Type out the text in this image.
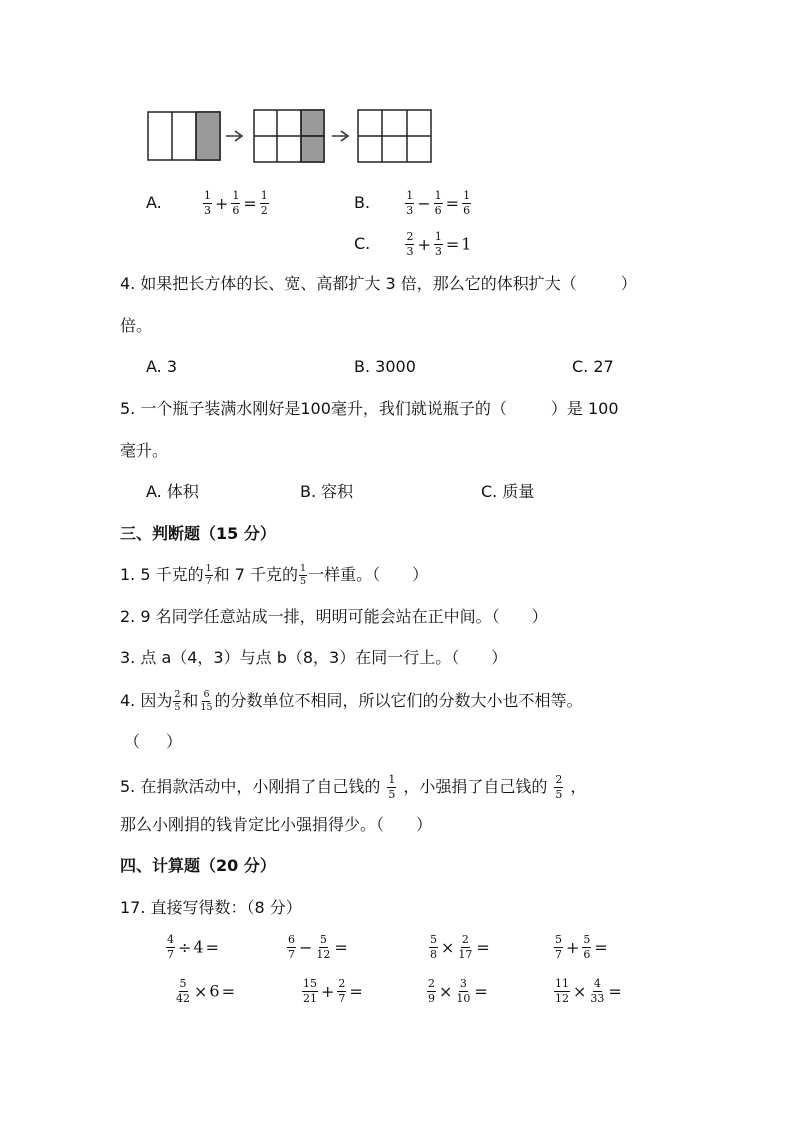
A.	$\frac{1}{3} + \frac{1}{6} = \frac{1}{2}$	B.	$\frac{1}{3} - \frac{1}{6} = \frac{1}{6}$
C.	$\frac{2}{3} + \frac{1}{3} = 1$
4. 如果把长方体的长、宽、高都扩大 3 倍，那么它的体积扩大（	）
倍。
A. 3	B. 3000	C. 27
5. 一个瓶子装满水刚好是100毫升，我们就说瓶子的（	）是 100
毫升。
A. 体积	B. 容积	C. 质量
三、判断题（15 分）
1. 5 千克的 $\frac{1}{7}$ 和 7 千克的 $\frac{1}{5}$ 一样重。（ ）
2. 9 名同学任意站成一排，明明可能会站在正中间。（ ）
3. 点 a（4，3）与点 b（8，3）在同一行上。（ ）
4. 因为 $\frac{2}{5}$ 和 $\frac{6}{15}$ 的分数单位不相同，所以它们的分数大小也不相等。
（ ）
5. 在捐款活动中，小刚捐了自己钱的 $\frac{1}{5}$ ，小强捐了自己钱的 $\frac{2}{5}$ ，
那么小刚捐的钱肯定比小强捐得少。（ ）
四、计算题（20 分）
17. 直接写得数：（8 分）
$\frac{4}{7} \div 4$ =	$\frac{6}{7} - \frac{5}{12}$ =	$\frac{5}{8} \times \frac{2}{17}$ =	$\frac{5}{7} + \frac{5}{6}$ =
$\frac{5}{42} \times 6$ =	$\frac{15}{21} + \frac{2}{7}$ =	$\frac{2}{9} \times \frac{3}{10}$ =	$\frac{11}{12} \times \frac{4}{33}$ =
